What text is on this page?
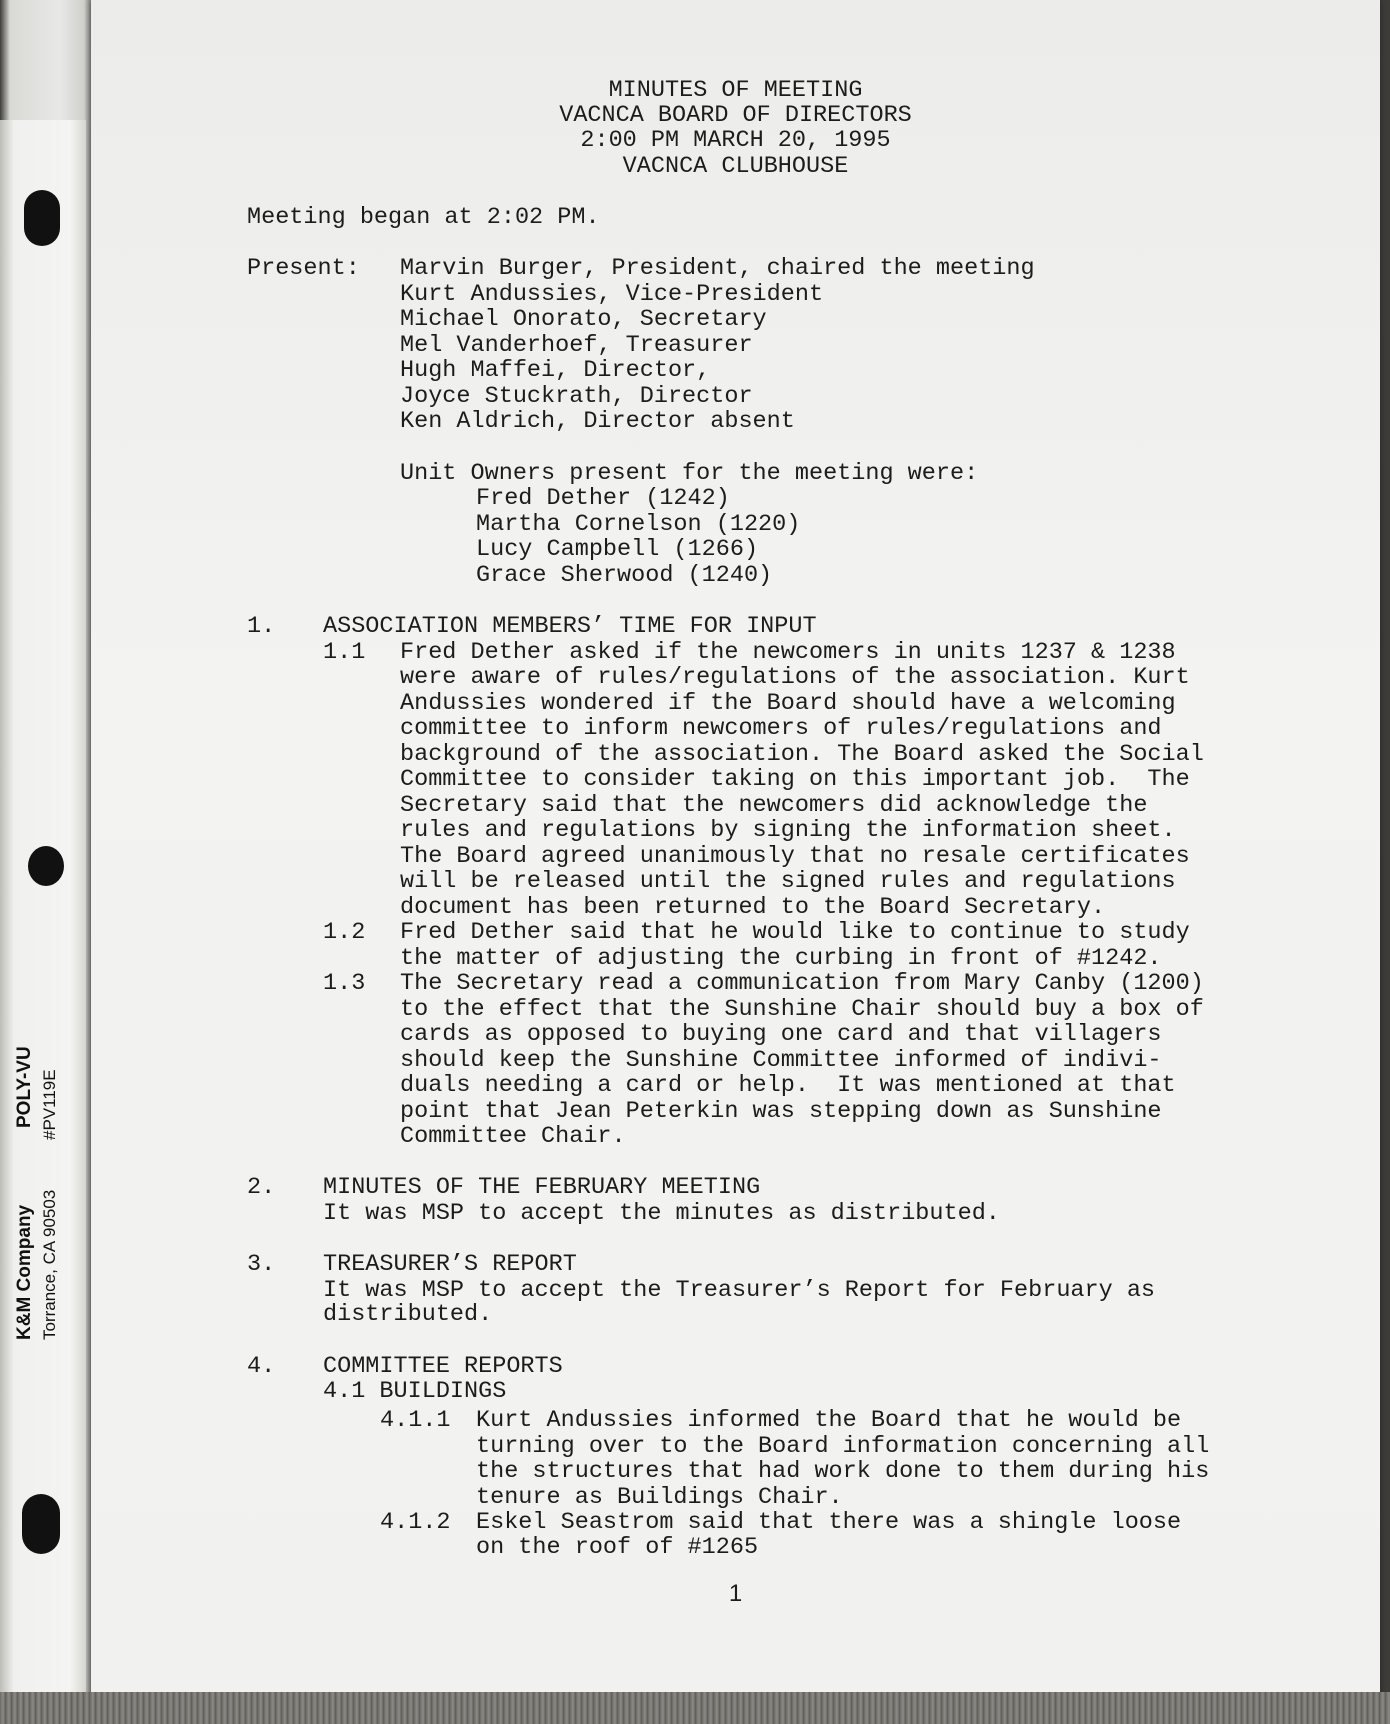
K&M Company Torrance, CA 90503
POLY-VU #PV119E
MINUTES OF MEETING
VACNCA BOARD OF DIRECTORS
2:00 PM MARCH 20, 1995
VACNCA CLUBHOUSE
Meeting began at 2:02 PM.
Present: Marvin Burger, President, chaired the meeting
Kurt Andussies, Vice-President
Michael Onorato, Secretary
Mel Vanderhoef, Treasurer
Hugh Maffei, Director,
Joyce Stuckrath, Director
Ken Aldrich, Director absent
Unit Owners present for the meeting were:
Fred Dether (1242)
Martha Cornelson (1220)
Lucy Campbell (1266)
Grace Sherwood (1240)
1. ASSOCIATION MEMBERS’ TIME FOR INPUT
1.1 Fred Dether asked if the newcomers in units 1237 & 1238
were aware of rules/regulations of the association. Kurt
Andussies wondered if the Board should have a welcoming
committee to inform newcomers of rules/regulations and
background of the association. The Board asked the Social
Committee to consider taking on this important job.  The
Secretary said that the newcomers did acknowledge the
rules and regulations by signing the information sheet.
The Board agreed unanimously that no resale certificates
will be released until the signed rules and regulations
document has been returned to the Board Secretary.
1.2 Fred Dether said that he would like to continue to study
the matter of adjusting the curbing in front of #1242.
1.3 The Secretary read a communication from Mary Canby (1200)
to the effect that the Sunshine Chair should buy a box of
cards as opposed to buying one card and that villagers
should keep the Sunshine Committee informed of indivi-
duals needing a card or help.  It was mentioned at that
point that Jean Peterkin was stepping down as Sunshine
Committee Chair.
2. MINUTES OF THE FEBRUARY MEETING
It was MSP to accept the minutes as distributed.
3. TREASURER’S REPORT
It was MSP to accept the Treasurer’s Report for February as
distributed.
4. COMMITTEE REPORTS
4.1 BUILDINGS
4.1.1 Kurt Andussies informed the Board that he would be
turning over to the Board information concerning all
the structures that had work done to them during his
tenure as Buildings Chair.
4.1.2 Eskel Seastrom said that there was a shingle loose
on the roof of #1265
1
